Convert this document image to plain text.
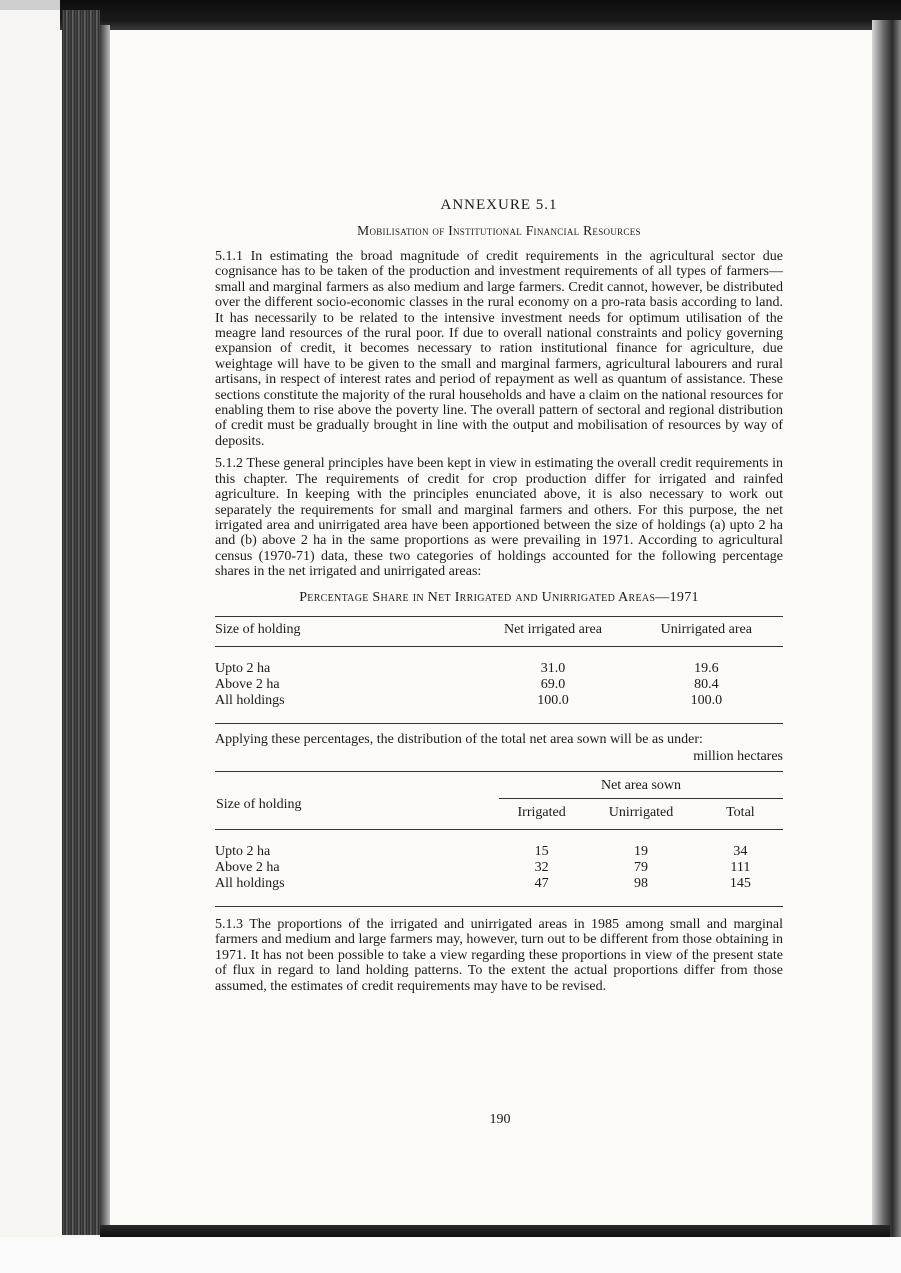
ANNEXURE 5.1
Mobilisation of Institutional Financial Resources

5.1.1 In estimating the broad magnitude of credit requirements in the agricultural sector due cognisance has to be taken of the production and investment requirements of all types of farmers—small and marginal farmers as also medium and large farmers. Credit cannot, however, be distributed over the different socio-economic classes in the rural economy on a pro-rata basis according to land. It has necessarily to be related to the intensive investment needs for optimum utilisation of the meagre land resources of the rural poor. If due to overall national constraints and policy governing expansion of credit, it becomes necessary to ration institutional finance for agriculture, due weightage will have to be given to the small and marginal farmers, agricultural labourers and rural artisans, in respect of interest rates and period of repayment as well as quantum of assistance. These sections constitute the majority of the rural households and have a claim on the national resources for enabling them to rise above the poverty line. The overall pattern of sectoral and regional distribution of credit must be gradually brought in line with the output and mobilisation of resources by way of deposits.

5.1.2 These general principles have been kept in view in estimating the overall credit requirements in this chapter. The requirements of credit for crop production differ for irrigated and rainfed agriculture. In keeping with the principles enunciated above, it is also necessary to work out separately the requirements for small and marginal farmers and others. For this purpose, the net irrigated area and unirrigated area have been apportioned between the size of holdings (a) upto 2 ha and (b) above 2 ha in the same proportions as were prevailing in 1971. According to agricultural census (1970-71) data, these two categories of holdings accounted for the following percentage shares in the net irrigated and unirrigated areas:

Percentage Share in Net Irrigated and Unirrigated Areas—1971
Size of holding	Net irrigated area	Unirrigated area
Upto 2 ha	31.0	19.6
Above 2 ha	69.0	80.4
All holdings	100.0	100.0

Applying these percentages, the distribution of the total net area sown will be as under:

million hectares
Size of holding	Net area sown		
	Irrigated	Unirrigated	Total
Upto 2 ha	15	19	34
Above 2 ha	32	79	111
All holdings	47	98	145

5.1.3 The proportions of the irrigated and unirrigated areas in 1985 among small and marginal farmers and medium and large farmers may, however, turn out to be different from those obtaining in 1971. It has not been possible to take a view regarding these proportions in view of the present state of flux in regard to land holding patterns. To the extent the actual proportions differ from those assumed, the estimates of credit requirements may have to be revised.

190
